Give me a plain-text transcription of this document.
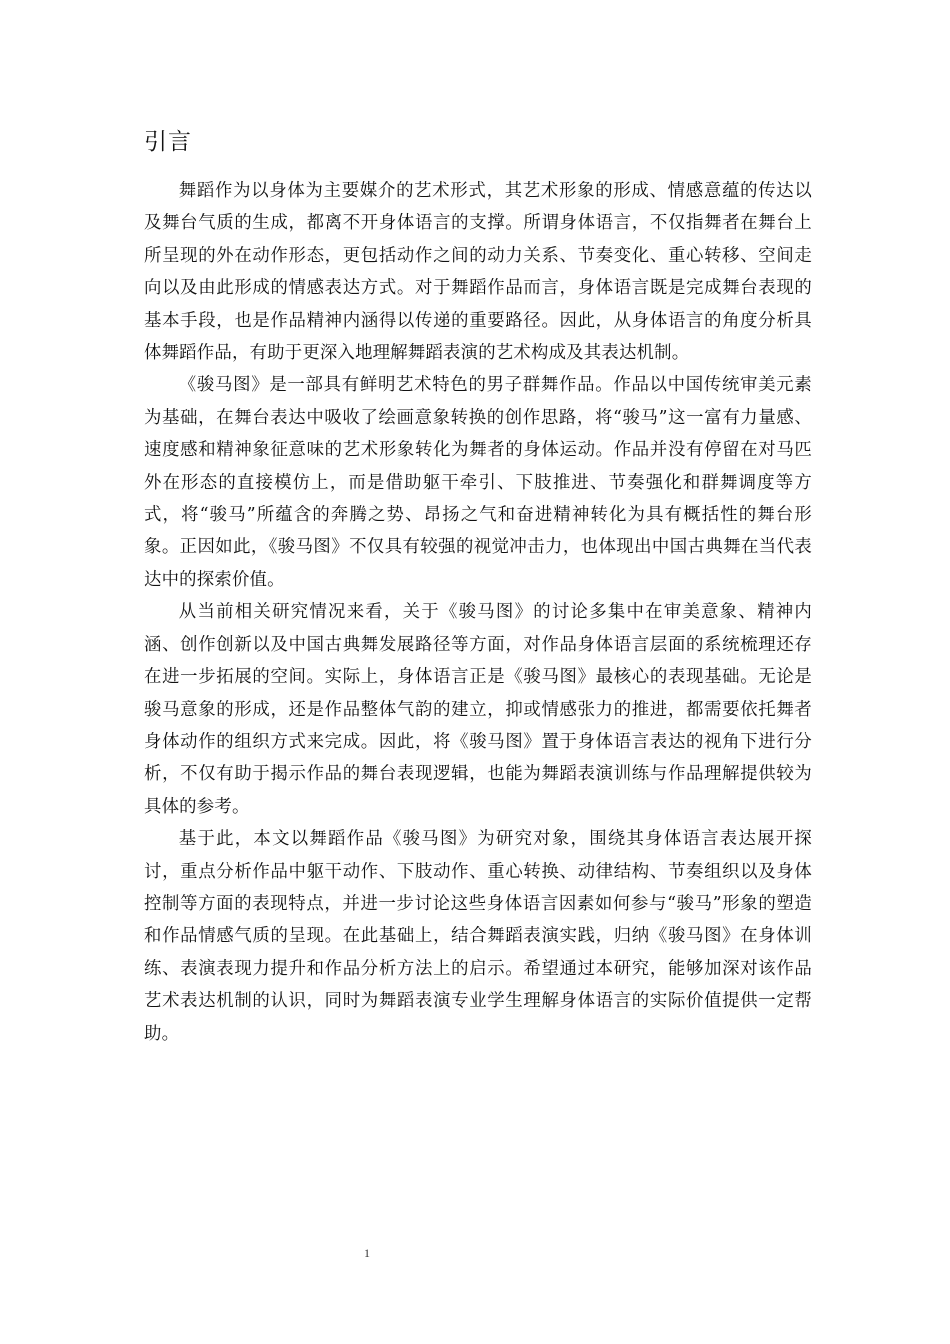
引言

舞蹈作为以身体为主要媒介的艺术形式，其艺术形象的形成、情感意蕴的传达以及舞台气质的生成，都离不开身体语言的支撑。所谓身体语言，不仅指舞者在舞台上所呈现的外在动作形态，更包括动作之间的动力关系、节奏变化、重心转移、空间走向以及由此形成的情感表达方式。对于舞蹈作品而言，身体语言既是完成舞台表现的基本手段，也是作品精神内涵得以传递的重要路径。因此，从身体语言的角度分析具体舞蹈作品，有助于更深入地理解舞蹈表演的艺术构成及其表达机制。

《骏马图》是一部具有鲜明艺术特色的男子群舞作品。作品以中国传统审美元素为基础，在舞台表达中吸收了绘画意象转换的创作思路，将“骏马”这一富有力量感、速度感和精神象征意味的艺术形象转化为舞者的身体运动。作品并没有停留在对马匹外在形态的直接模仿上，而是借助躯干牵引、下肢推进、节奏强化和群舞调度等方式，将“骏马”所蕴含的奔腾之势、昂扬之气和奋进精神转化为具有概括性的舞台形象。正因如此，《骏马图》不仅具有较强的视觉冲击力，也体现出中国古典舞在当代表达中的探索价值。

从当前相关研究情况来看，关于《骏马图》的讨论多集中在审美意象、精神内涵、创作创新以及中国古典舞发展路径等方面，对作品身体语言层面的系统梳理还存在进一步拓展的空间。实际上，身体语言正是《骏马图》最核心的表现基础。无论是骏马意象的形成，还是作品整体气韵的建立，抑或情感张力的推进，都需要依托舞者身体动作的组织方式来完成。因此，将《骏马图》置于身体语言表达的视角下进行分析，不仅有助于揭示作品的舞台表现逻辑，也能为舞蹈表演训练与作品理解提供较为具体的参考。

基于此，本文以舞蹈作品《骏马图》为研究对象，围绕其身体语言表达展开探讨，重点分析作品中躯干动作、下肢动作、重心转换、动律结构、节奏组织以及身体控制等方面的表现特点，并进一步讨论这些身体语言因素如何参与“骏马”形象的塑造和作品情感气质的呈现。在此基础上，结合舞蹈表演实践，归纳《骏马图》在身体训练、表演表现力提升和作品分析方法上的启示。希望通过本研究，能够加深对该作品艺术表达机制的认识，同时为舞蹈表演专业学生理解身体语言的实际价值提供一定帮助。

1
